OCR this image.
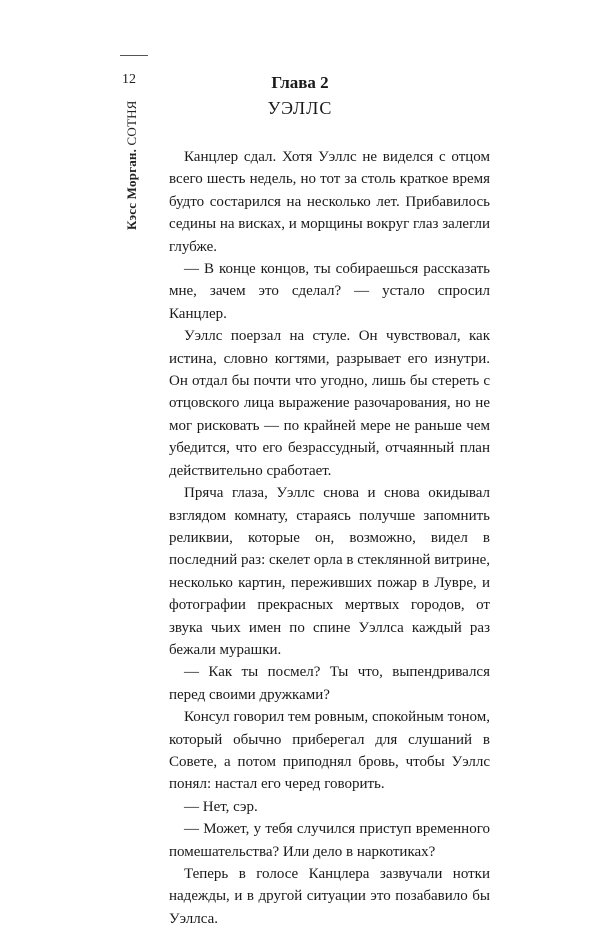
12
Кэсс Морган. СОТНЯ
Глава 2
УЭЛЛС

Канцлер сдал. Хотя Уэллс не виделся с отцом всего шесть недель, но тот за столь краткое время будто состарился на несколько лет. Прибавилось седины на висках, и морщины вокруг глаз залегли глубже.

— В конце концов, ты собираешься рассказать мне, зачем это сделал? — устало спросил Канцлер.

Уэллс поерзал на стуле. Он чувствовал, как истина, словно когтями, разрывает его изнутри. Он отдал бы почти что угодно, лишь бы стереть с отцовского лица выражение разочарования, но не мог рисковать — по крайней мере не раньше чем убедится, что его безрассудный, отчаянный план действительно сработает.

Пряча глаза, Уэллс снова и снова окидывал взглядом комнату, стараясь получше запомнить реликвии, которые он, возможно, видел в последний раз: скелет орла в стеклянной витрине, несколько картин, переживших пожар в Лувре, и фотографии прекрасных мертвых городов, от звука чьих имен по спине Уэллса каждый раз бежали мурашки.

— Как ты посмел? Ты что, выпендривался перед своими дружками?

Консул говорил тем ровным, спокойным тоном, который обычно приберегал для слушаний в Совете, а потом приподнял бровь, чтобы Уэллс понял: настал его черед говорить.

— Нет, сэр.

— Может, у тебя случился приступ временного помешательства? Или дело в наркотиках?

Теперь в голосе Канцлера зазвучали нотки надежды, и в другой ситуации это позабавило бы Уэллса.
